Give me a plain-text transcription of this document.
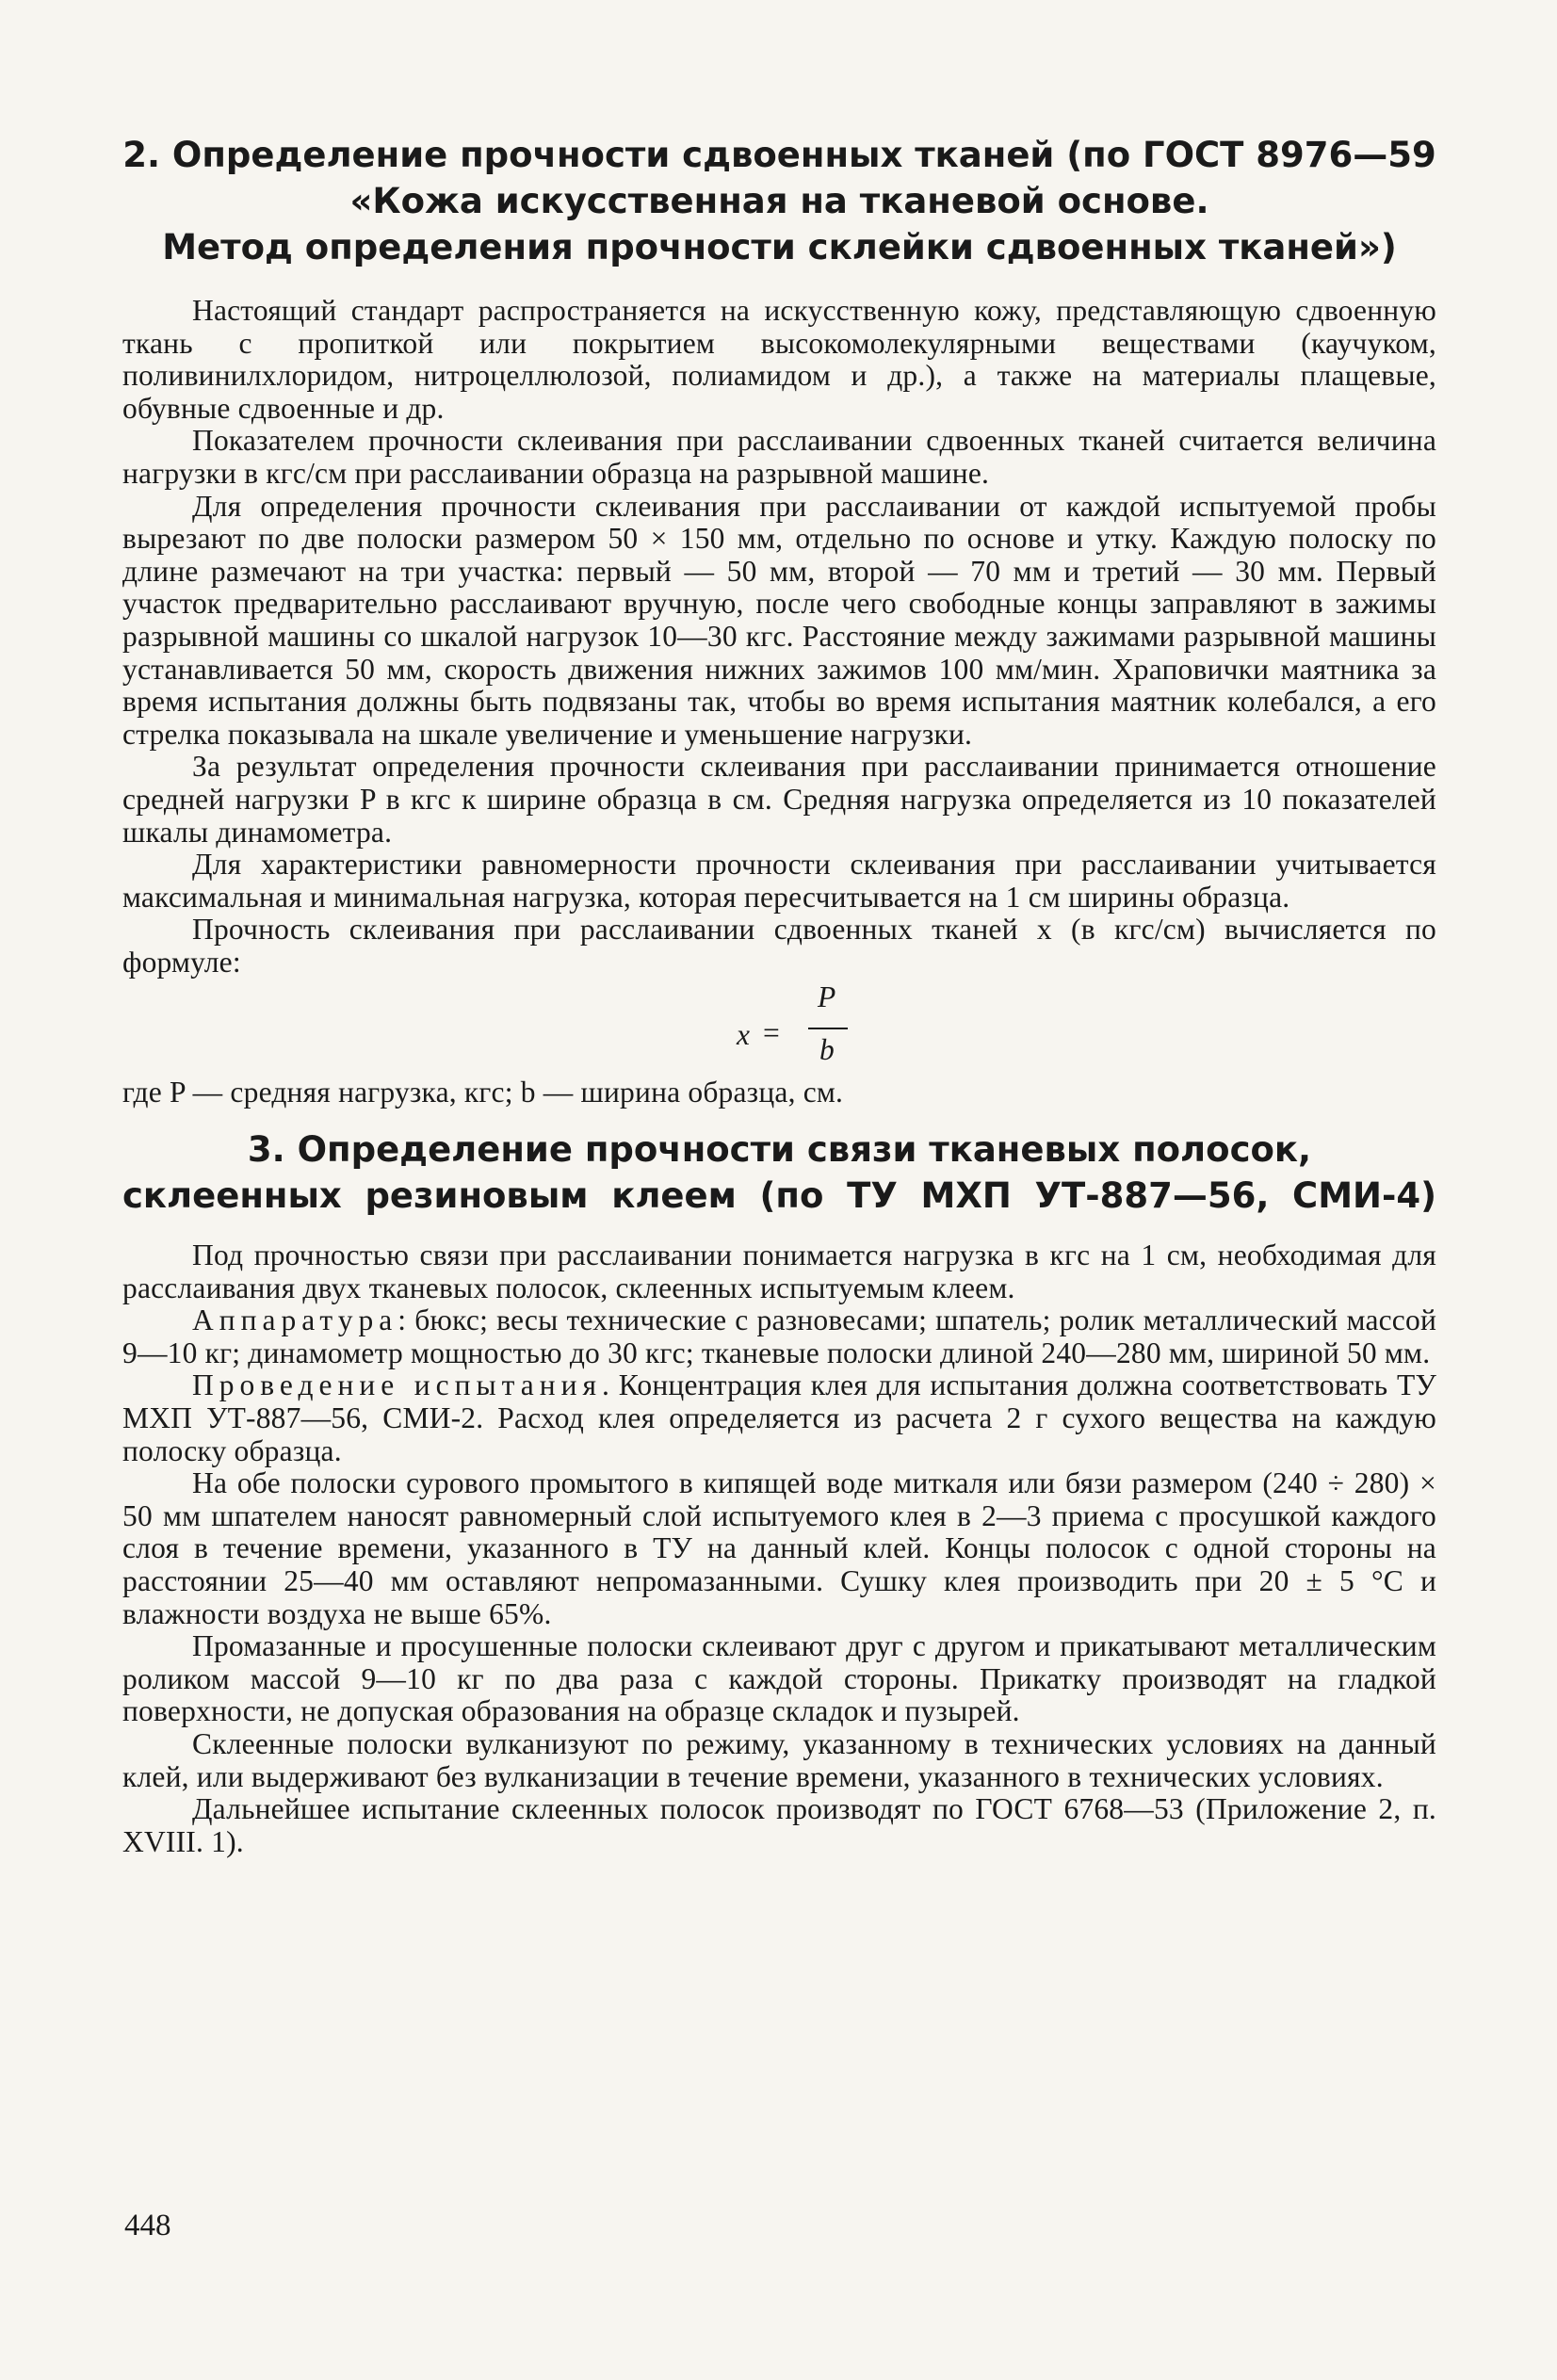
2. Определение прочности сдвоенных тканей (по ГОСТ 8976—59
«Кожа искусственная на тканевой основе.
Метод определения прочности склейки сдвоенных тканей»)

Настоящий стандарт распространяется на искусственную кожу, представляющую сдвоенную ткань с пропиткой или покрытием высокомолекулярными веществами (каучуком, поливинилхлоридом, нитроцеллюлозой, полиамидом и др.), а также на материалы плащевые, обувные сдвоенные и др.

Показателем прочности склеивания при расслаивании сдвоенных тканей считается величина нагрузки в кгс/см при расслаивании образца на разрывной машине.

Для определения прочности склеивания при расслаивании от каждой испытуемой пробы вырезают по две полоски размером 50 × 150 мм, отдельно по основе и утку. Каждую полоску по длине размечают на три участка: первый — 50 мм, второй — 70 мм и третий — 30 мм. Первый участок предварительно расслаивают вручную, после чего свободные концы заправляют в зажимы разрывной машины со шкалой нагрузок 10—30 кгс. Расстояние между зажимами разрывной машины устанавливается 50 мм, скорость движения нижних зажимов 100 мм/мин. Храповички маятника за время испытания должны быть подвязаны так, чтобы во время испытания маятник колебался, а его стрелка показывала на шкале увеличение и уменьшение нагрузки.

За результат определения прочности склеивания при расслаивании принимается отношение средней нагрузки P в кгс к ширине образца в см. Средняя нагрузка определяется из 10 показателей шкалы динамометра.

Для характеристики равномерности прочности склеивания при расслаивании учитывается максимальная и минимальная нагрузка, которая пересчитывается на 1 см ширины образца.

Прочность склеивания при расслаивании сдвоенных тканей x (в кгс/см) вычисляется по формуле:

x =
P
b

где P — средняя нагрузка, кгс; b — ширина образца, см.

3. Определение прочности связи тканевых полосок,
склеенных резиновым клеем (по ТУ МХП УТ-887—56, СМИ-4)

Под прочностью связи при расслаивании понимается нагрузка в кгс на 1 см, необходимая для расслаивания двух тканевых полосок, склеенных испытуемым клеем.

Аппаратура: бюкс; весы технические с разновесами; шпатель; ролик металлический массой 9—10 кг; динамометр мощностью до 30 кгс; тканевые полоски длиной 240—280 мм, шириной 50 мм.

Проведение испытания. Концентрация клея для испытания должна соответствовать ТУ МХП УТ-887—56, СМИ-2. Расход клея определяется из расчета 2 г сухого вещества на каждую полоску образца.

На обе полоски сурового промытого в кипящей воде миткаля или бязи размером (240 ÷ 280) × 50 мм шпателем наносят равномерный слой испытуемого клея в 2—3 приема с просушкой каждого слоя в течение времени, указанного в ТУ на данный клей. Концы полосок с одной стороны на расстоянии 25—40 мм оставляют непромазанными. Сушку клея производить при 20 ± 5 °С и влажности воздуха не выше 65%.

Промазанные и просушенные полоски склеивают друг с другом и прикатывают металлическим роликом массой 9—10 кг по два раза с каждой стороны. Прикатку производят на гладкой поверхности, не допуская образования на образце складок и пузырей.

Склеенные полоски вулканизуют по режиму, указанному в технических условиях на данный клей, или выдерживают без вулканизации в течение времени, указанного в технических условиях.

Дальнейшее испытание склеенных полосок производят по ГОСТ 6768—53 (Приложение 2, п. XVIII. 1).

448
